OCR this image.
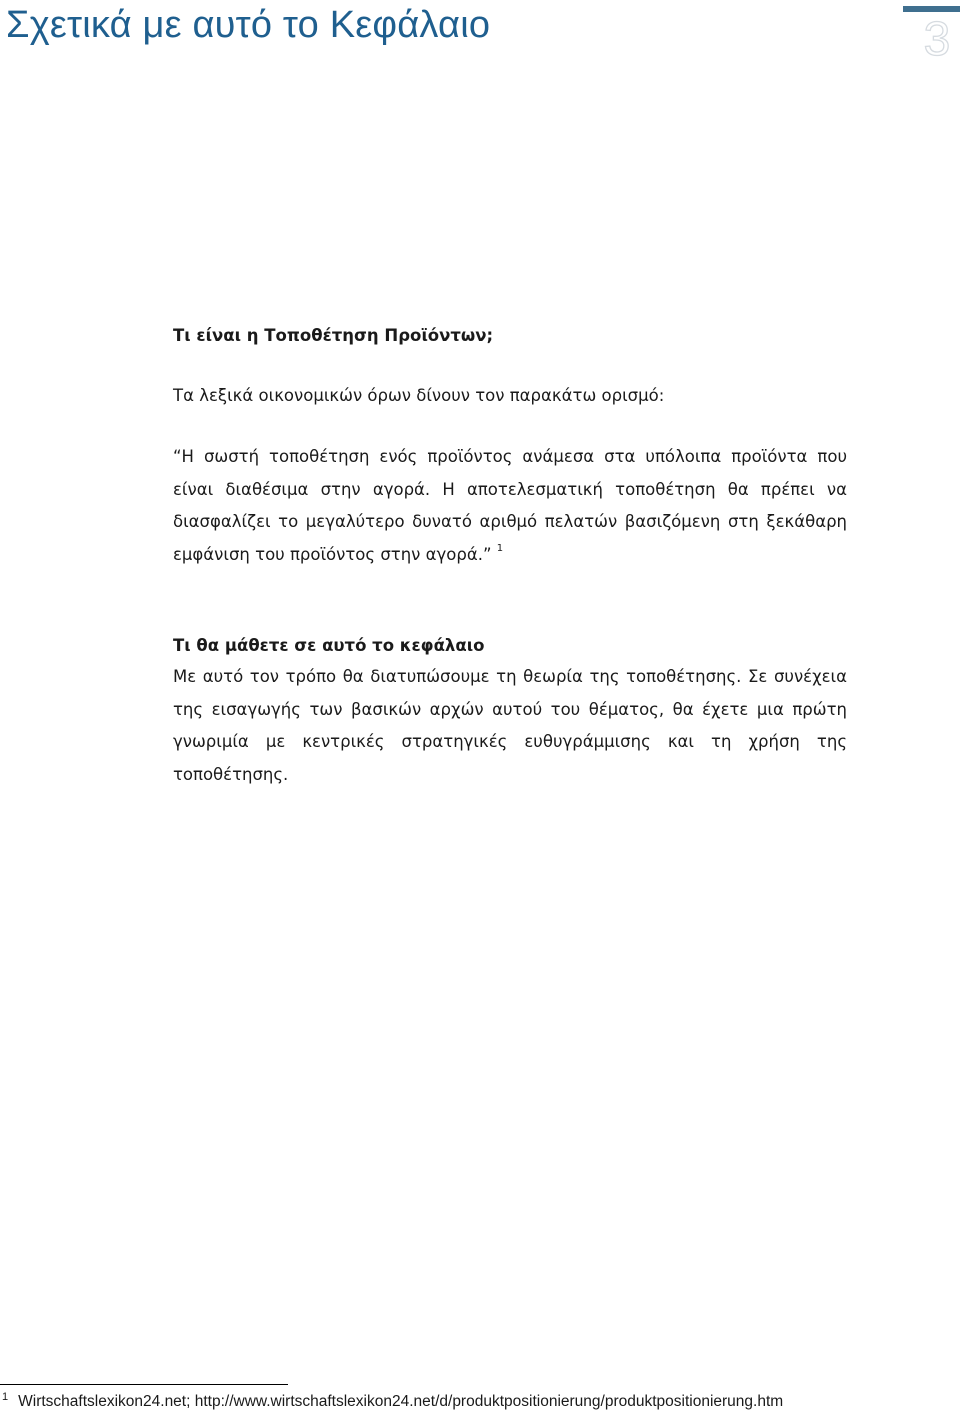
Σχετικά με αυτό το Κεφάλαιο	3

Τι είναι η Τοποθέτηση Προϊόντων;

Τα λεξικά οικονομικών όρων δίνουν τον παρακάτω ορισμό:

“Η σωστή τοποθέτηση ενός προϊόντος ανάμεσα στα υπόλοιπα προϊόντα που είναι διαθέσιμα στην αγορά. Η αποτελεσματική τοποθέτηση θα πρέπει να διασφαλίζει το μεγαλύτερο δυνατό αριθμό πελατών βασιζόμενη στη ξεκάθαρη εμφάνιση του προϊόντος στην αγορά.” $^1$

Τι θα μάθετε σε αυτό το κεφάλαιο

Με αυτό τον τρόπο θα διατυπώσουμε τη θεωρία της τοποθέτησης. Σε συνέχεια της εισαγωγής των βασικών αρχών αυτού του θέματος, θα έχετε μια πρώτη γνωριμία με κεντρικές στρατηγικές ευθυγράμμισης και τη χρήση της τοποθέτησης.

$^1$ Wirtschaftslexikon24.net; http://www.wirtschaftslexikon24.net/d/produktpositionierung/produktpositionierung.htm
